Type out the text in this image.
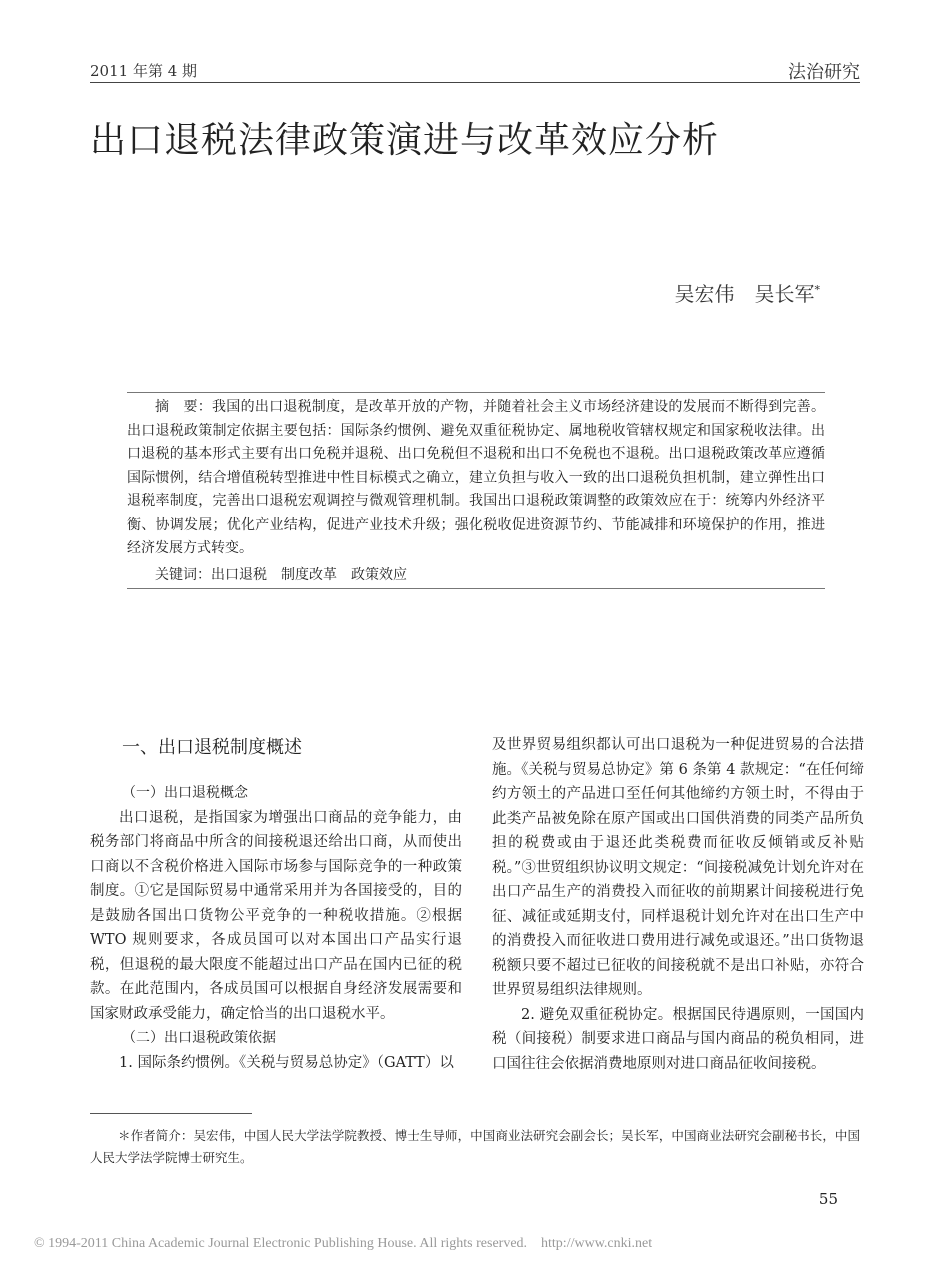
2011 年第 4 期	法治研究
出口退税法律政策演进与改革效应分析
吴宏伟　吴长军*
摘　要：我国的出口退税制度，是改革开放的产物，并随着社会主义市场经济建设的发展而不断得到完善。出口退税政策制定依据主要包括：国际条约惯例、避免双重征税协定、属地税收管辖权规定和国家税收法律。出口退税的基本形式主要有出口免税并退税、出口免税但不退税和出口不免税也不退税。出口退税政策改革应遵循国际惯例，结合增值税转型推进中性目标模式之确立，建立负担与收入一致的出口退税负担机制，建立弹性出口退税率制度，完善出口退税宏观调控与微观管理机制。我国出口退税政策调整的政策效应在于：统筹内外经济平衡、协调发展；优化产业结构，促进产业技术升级；强化税收促进资源节约、节能减排和环境保护的作用，推进经济发展方式转变。
关键词：出口退税　制度改革　政策效应
一、出口退税制度概述
（一）出口退税概念

出口退税，是指国家为增强出口商品的竞争能力，由税务部门将商品中所含的间接税退还给出口商，从而使出口商以不含税价格进入国际市场参与国际竞争的一种政策制度。①它是国际贸易中通常采用并为各国接受的，目的是鼓励各国出口货物公平竞争的一种税收措施。②根据 WTO 规则要求，各成员国可以对本国出口产品实行退税，但退税的最大限度不能超过出口产品在国内已征的税款。在此范围内，各成员国可以根据自身经济发展需要和国家财政承受能力，确定恰当的出口退税水平。

（二）出口退税政策依据

1. 国际条约惯例。《关税与贸易总协定》（GATT）以

及世界贸易组织都认可出口退税为一种促进贸易的合法措施。《关税与贸易总协定》第 6 条第 4 款规定：“在任何缔约方领土的产品进口至任何其他缔约方领土时，不得由于此类产品被免除在原产国或出口国供消费的同类产品所负担的税费或由于退还此类税费而征收反倾销或反补贴税。”③世贸组织协议明文规定：“间接税减免计划允许对在出口产品生产的消费投入而征收的前期累计间接税进行免征、减征或延期支付，同样退税计划允许对在出口生产中的消费投入而征收进口费用进行减免或退还。”出口货物退税额只要不超过已征收的间接税就不是出口补贴，亦符合世界贸易组织法律规则。

2. 避免双重征税协定。根据国民待遇原则，一国国内税（间接税）制要求进口商品与国内商品的税负相同，进口国往往会依据消费地原则对进口商品征收间接税。

＊作者简介：吴宏伟，中国人民大学法学院教授、博士生导师，中国商业法研究会副会长；吴长军，中国商业法研究会副秘书长，中国人民大学法学院博士研究生。
55
© 1994-2011 China Academic Journal Electronic Publishing House. All rights reserved.    http://www.cnki.net
